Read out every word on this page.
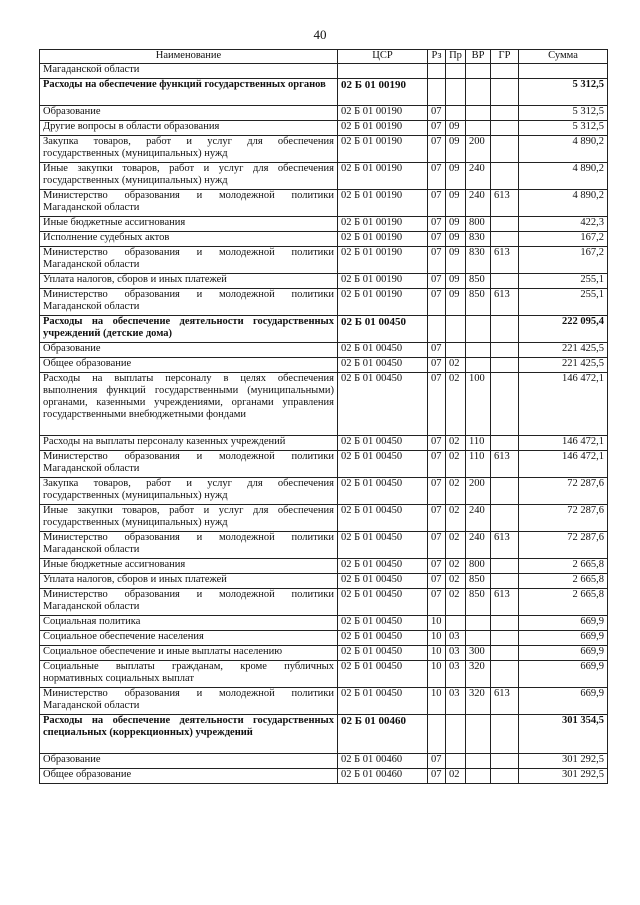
40
Наименование	ЦСР	Рз	Пр	ВР	ГР	Сумма
Магаданской области						
Расходы на обеспечение функций государственных органов	02 Б 01 00190					5 312,5
Образование	02 Б 01 00190	07				5 312,5
Другие вопросы в области образования	02 Б 01 00190	07	09			5 312,5
Закупка товаров, работ и услуг для обеспечения государственных (муниципальных) нужд	02 Б 01 00190	07	09	200		4 890,2
Иные закупки товаров, работ и услуг для обеспечения государственных (муниципальных) нужд	02 Б 01 00190	07	09	240		4 890,2
Министерство образования и молодежной политики Магаданской области	02 Б 01 00190	07	09	240	613	4 890,2
Иные бюджетные ассигнования	02 Б 01 00190	07	09	800		422,3
Исполнение судебных актов	02 Б 01 00190	07	09	830		167,2
Министерство образования и молодежной политики Магаданской области	02 Б 01 00190	07	09	830	613	167,2
Уплата налогов, сборов и иных платежей	02 Б 01 00190	07	09	850		255,1
Министерство образования и молодежной политики Магаданской области	02 Б 01 00190	07	09	850	613	255,1
Расходы на обеспечение деятельности государственных учреждений (детские дома)	02 Б 01 00450					222 095,4
Образование	02 Б 01 00450	07				221 425,5
Общее образование	02 Б 01 00450	07	02			221 425,5
Расходы на выплаты персоналу в целях обеспечения выполнения функций государственными (муниципальными) органами, казенными учреждениями, органами управления государственными внебюджетными фондами	02 Б 01 00450	07	02	100		146 472,1
Расходы на выплаты персоналу казенных учреждений	02 Б 01 00450	07	02	110		146 472,1
Министерство образования и молодежной политики Магаданской области	02 Б 01 00450	07	02	110	613	146 472,1
Закупка товаров, работ и услуг для обеспечения государственных (муниципальных) нужд	02 Б 01 00450	07	02	200		72 287,6
Иные закупки товаров, работ и услуг для обеспечения государственных (муниципальных) нужд	02 Б 01 00450	07	02	240		72 287,6
Министерство образования и молодежной политики Магаданской области	02 Б 01 00450	07	02	240	613	72 287,6
Иные бюджетные ассигнования	02 Б 01 00450	07	02	800		2 665,8
Уплата налогов, сборов и иных платежей	02 Б 01 00450	07	02	850		2 665,8
Министерство образования и молодежной политики Магаданской области	02 Б 01 00450	07	02	850	613	2 665,8
Социальная политика	02 Б 01 00450	10				669,9
Социальное обеспечение населения	02 Б 01 00450	10	03			669,9
Социальное обеспечение и иные выплаты населению	02 Б 01 00450	10	03	300		669,9
Социальные выплаты гражданам, кроме публичных нормативных социальных выплат	02 Б 01 00450	10	03	320		669,9
Министерство образования и молодежной политики Магаданской области	02 Б 01 00450	10	03	320	613	669,9
Расходы на обеспечение деятельности государственных специальных (коррекционных) учреждений	02 Б 01 00460					301 354,5
Образование	02 Б 01 00460	07				301 292,5
Общее образование	02 Б 01 00460	07	02			301 292,5
